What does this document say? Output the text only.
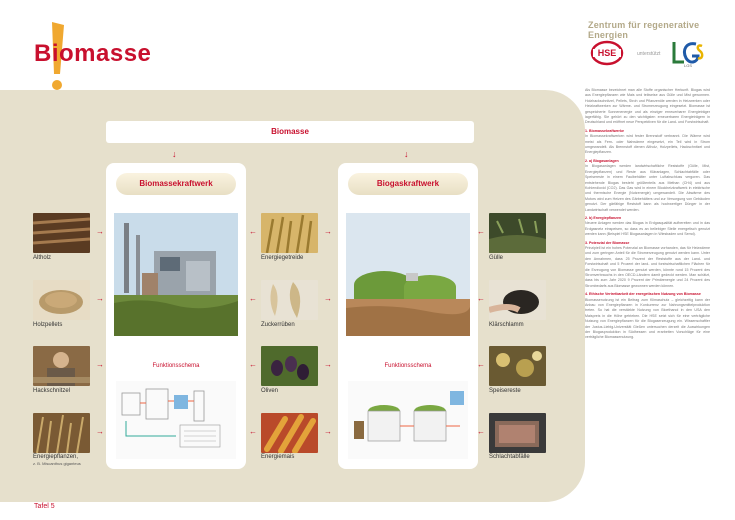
Biomasse
Zentrum für regenerative Energien
HSE	unterstützt
LGS
Biomasse
↓	↓
Biomassekraftwerk
Funktionsschema
Biogaskraftwerk
Funktionsschema
Altholz
→
Holzpellets
→
Hackschnitzel
→
Energiepflanzen,
z. B. Miscanthus giganteus
→
Energiegetreide
←	→
Zuckerrüben
←	→
Oliven
←	→
Energiemais
←	→
Gülle
←
Klärschlamm
←
Speisereste
←
Schlachtabfälle
←

Als Biomasse bezeichnet man alle Stoffe organischer Herkunft. Biogas wird aus Energiepflanzen wie Mais und teilweise aus Gülle und Mist gewonnen. Holzhackschnitzel, Pellets, Stroh und Pflanzenöle werden in Heizwerken oder Heizkraftwerken zur Wärme- und Stromerzeugung eingesetzt. Biomasse ist gespeicherte Sonnenenergie und als einziger erneuerbarer Energieträger lagerfähig. Sie gehört zu den wichtigsten erneuerbaren Energieträgern in Deutschland und eröffnet neue Perspektiven für die Land- und Forstwirtschaft.

1. Biomassekraftwerke

In Biomassekraftwerken wird fester Brennstoff verbrannt. Die Wärme wird meist als Fern- oder Nahwärme eingesetzt, ein Teil wird in Strom umgewandelt. Als Brennstoff dienen Altholz, Holzpellets, Hackschnitzel und Energiepflanzen.

2. a) Biogasanlagen

In Biogasanlagen werden landwirtschaftliche Reststoffe (Gülle, Mist, Energiepflanzen) und Reste aus Kläranlagen, Schlachtabfälle oder Speisereste in einem Faulbehälter unter Luftabschluss vergoren. Das entstehende Biogas besteht größtenteils aus Methan (CH4) und aus Kohlendioxid (CO2). Das Gas wird in einem Blockheizkraftwerk in elektrische und thermische Energie (Nutzenergie) umgewandelt. Die Abwärme des Motors wird zum Heizen des Gärbehälters und zur Versorgung von Gebäuden genutzt. Der gärfähige Reststoff kann als hochwertiger Dünger in der Landwirtschaft verwendet werden.

2. b) Energiepflanzen

Neuere Anlagen werden das Biogas in Erdgasqualität aufbereiten und in das Erdgasnetz einspeisen, so dass es an beliebiger Stelle energetisch genutzt werden kann (Beispiel HSE Biogasanlagen in Wiesbaden und Semd).

3. Potenzial der Biomasse

Prinzipiell ist ein hohes Potenzial an Biomasse vorhanden, das für Heizwärme und zum geringen Anteil für die Stromerzeugung genutzt werden kann. Unter den Annahmen, dass 25 Prozent der Reststoffe aus der Land- und Forstwirtschaft und 5 Prozent der land- und forstwirtschaftlichen Flächen für die Erzeugung von Biomasse genutzt werden, könnte rund 15 Prozent des Stromverbrauchs in den OECD-Ländern damit gedeckt werden. Man schätzt, dass bis zum Jahr 2020 9 Prozent der Primärenergie und 24 Prozent des Strombedarfs aus Biomasse gewonnen werden können.

4. Ethische Vertretbarkeit der energetischen Nutzung von Biomasse

Biomassenutzung ist ein Beitrag zum Klimaschutz – gleichzeitig kann der Anbau von Energiepflanzen in Konkurrenz zur Nahrungsmittelproduktion treten. So hat die verstärkte Nutzung von Bioethanol in den USA den Maispreis in die Höhe getrieben. Die HSE setzt sich für eine verträgliche Nutzung von Energiepflanzen für die Biogaserzeugung ein. Wissenschaftler der Justus-Liebig-Universität Gießen untersuchen derzeit die Auswirkungen der Biogasproduktion in Südhessen und erarbeiten Vorschläge für eine verträgliche Biomassenutzung.

Tafel 5
